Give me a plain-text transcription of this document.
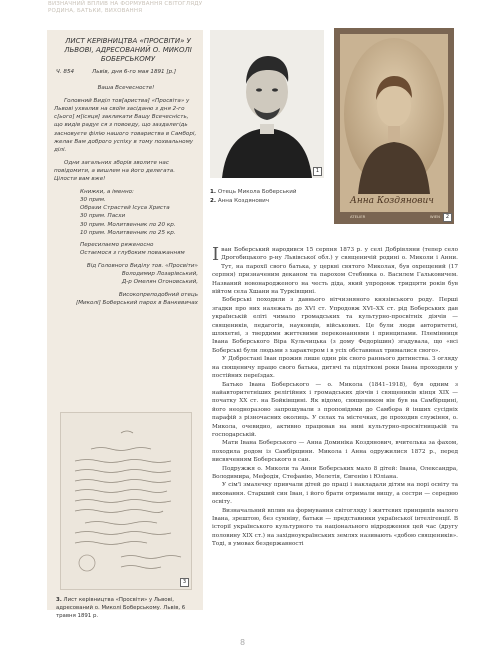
ВИЗНАЧНИЙ ВПЛИВ НА ФОРМУВАННЯ СВІТОГЛЯДУ
РОДИНА, БАТЬКИ, ВИХОВАННЯ
ЛИСТ КЕРІВНИЦТВА «ПРОСВІТИ» У ЛЬВОВІ, АДРЕСОВАНИЙ О. МИКОЛІ БОБЕРСЬКОМУ
Ч. 854	Львів, дня 6-го мая 1891 [р.]

Ваша Всечесносте!

Головний Виділ тов[ариства] «Просвіта» у Львові ухвалив на своїм засіданю з дня 2-го с[ього] м[ісяця] закликати Вашу Всечесність, що видів радує ся з повоеду, що заздалегідь засновуєте філію нашого товариства в Самборі, желає Вам доброго успіху в тому похвальному ділі.

Одни загальних зборів зволите нас повідомити, а вишлем на його делегата. Цілости вам вже!

Книжки, а іменно:
30 прим.
Образи Стpастей Ісуса Христа
30 прим. Пасхи
30 прим. Молитвенник по 20 кр.
10 прим. Молитвенник по 25 кр.

Пересилаємо ряженосно
Остаємося з глубоким поважанням

Від Головного Виділу тов. «Просвіти»
Володимир Лозарівський,
Д-р Омелян Огоновський,

Високопреподобний отець
[Миколі] Боберський парох в Ванкевичах

3
3. Лист керівництва «Просвіти» у Львові, адресований о. Миколі Боберському. Львів, 6 травня 1891 р.
1
Анна Коздянович
ATELIER	WIEN	2
1. Отець Микола Боберський
2. Анна Коздянович
І ван Боберський народився 15 серпня 1873 р. у селі Добрівляни (тепер село Дрогобицького р-ну Львівської обл.) у священичій родині о. Миколи і Анни. Тут, на парохії свого батька, у церкві святого Миколая, був охрещений (17 серпня) призначеним деканом та парохом Стебника о. Василем Гальковичем. Названий новонародженого на честь діда, який упродовж тридцяти років був війтом села Хшани на Турківщині.

Боберські походили з давнього вітчизняного князівського роду. Перші згадки про них належать до XVI ст. Упродовж XVI–XX ст. рід Боберських дав українській еліті чимало громадських та культурно-просвітніх діячів — священиків, педагогів, науковців, військових. Це були люди авторитетні, шляхетні, з твердими життєвими переконаннями і принципами. Племінниця Івана Боберського Віра Кульчицька (з дому Федорішин) згадувала, що «всі Боберські були людьми з характером і в усіх обставинах трималися свого».

У Добростані Іван прожив лише один рік свого раннього дитинства. З огляду на священичу працю свого батька, дитячі та підліткові роки Івана проходили у постійних переїздах.

Батько Івана Боберського — о. Микола (1841–1918), був одним з найавторитетніших релігійних і громадських діячів і священиків кінця XIX — початку XX ст. на Бойківщині. Як відомо, священиком він був на Самбірщині, його неодноразово запрошували з проповідями до Самбора й інших сусідніх парафій з різночасних околиць. У селах та містечках, де проходив служіння, о. Микола, очевидно, активно працював на ниві культурно-просвітницькій та господарській.

Мати Івана Боберського — Анна Доминіка Коздянович, вчителька за фахом, походила родом із Самбірщини. Микола і Анна одружилися 1872 р., перед висвяченням Боберського в сан.

Подружжя о. Миколи та Анни Боберських мало 8 дітей: Івана, Олександра, Володимира, Мефодія, Стефанію, Мелетія, Євгенію і Юліана.

У сім'ї змалечку привчали дітей до праці і накладали дітям на порі освіту та виховання. Старший син Іван, і його брати отримали вищу, а сестри — середню освіту.

Визначальний вплив на формування світогляду і життєвих принципів малого Івана, зрештою, без сумніву, батьки — представники української інтелігенції. В історії українського культурного та національного відродження цей час (другу половину XIX ст.) на західноукраїнських землях називають «добою священиків». Тоді, в умовах бездержавності

8
